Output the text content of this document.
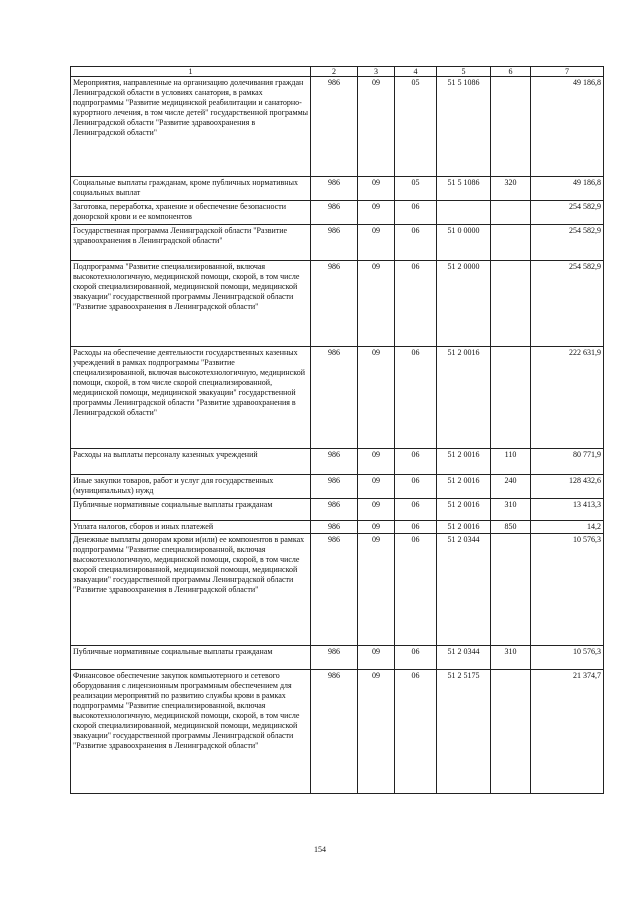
1	2	3	4	5	6	7
Мероприятия, направленные на организацию долечивания граждан Ленинградской области в условиях санатория, в рамках подпрограммы "Развитие медицинской реабилитации и санаторно-курортного лечения, в том числе детей" государственной программы Ленинградской области "Развитие здравоохранения в Ленинградской области"	986	09	05	51 5 1086		49 186,8
Социальные выплаты гражданам, кроме публичных нормативных социальных выплат	986	09	05	51 5 1086	320	49 186,8
Заготовка, переработка, хранение и обеспечение безопасности донорской крови и ее компонентов	986	09	06			254 582,9
Государственная программа Ленинградской области "Развитие здравоохранения в Ленинградской области"	986	09	06	51 0 0000		254 582,9
Подпрограмма "Развитие специализированной, включая высокотехнологичную, медицинской помощи, скорой, в том числе скорой специализированной, медицинской помощи, медицинской эвакуации" государственной программы Ленинградской области "Развитие здравоохранения в Ленинградской области"	986	09	06	51 2 0000		254 582,9
Расходы на обеспечение деятельности государственных казенных учреждений в рамках подпрограммы "Развитие специализированной, включая высокотехнологичную, медицинской помощи, скорой, в том числе скорой специализированной, медицинской помощи, медицинской эвакуации" государственной программы Ленинградской области "Развитие здравоохранения в Ленинградской области"	986	09	06	51 2 0016		222 631,9
Расходы на выплаты персоналу казенных учреждений	986	09	06	51 2 0016	110	80 771,9
Иные закупки товаров, работ и услуг для государственных (муниципальных) нужд	986	09	06	51 2 0016	240	128 432,6
Публичные нормативные социальные выплаты гражданам	986	09	06	51 2 0016	310	13 413,3
Уплата налогов, сборов и иных платежей	986	09	06	51 2 0016	850	14,2
Денежные выплаты донорам крови и(или) ее компонентов в рамках подпрограммы "Развитие специализированной, включая высокотехнологичную, медицинской помощи, скорой, в том числе скорой специализированной, медицинской помощи, медицинской эвакуации" государственной программы Ленинградской области "Развитие здравоохранения в Ленинградской области"	986	09	06	51 2 0344		10 576,3
Публичные нормативные социальные выплаты гражданам	986	09	06	51 2 0344	310	10 576,3
Финансовое обеспечение закупок компьютерного и сетевого оборудования с лицензионным программным обеспечением для реализации мероприятий по развитию службы крови в рамках подпрограммы "Развитие специализированной, включая высокотехнологичную, медицинской помощи, скорой, в том числе скорой специализированной, медицинской помощи, медицинской эвакуации" государственной программы Ленинградской области "Развитие здравоохранения в Ленинградской области"	986	09	06	51 2 5175		21 374,7
154
